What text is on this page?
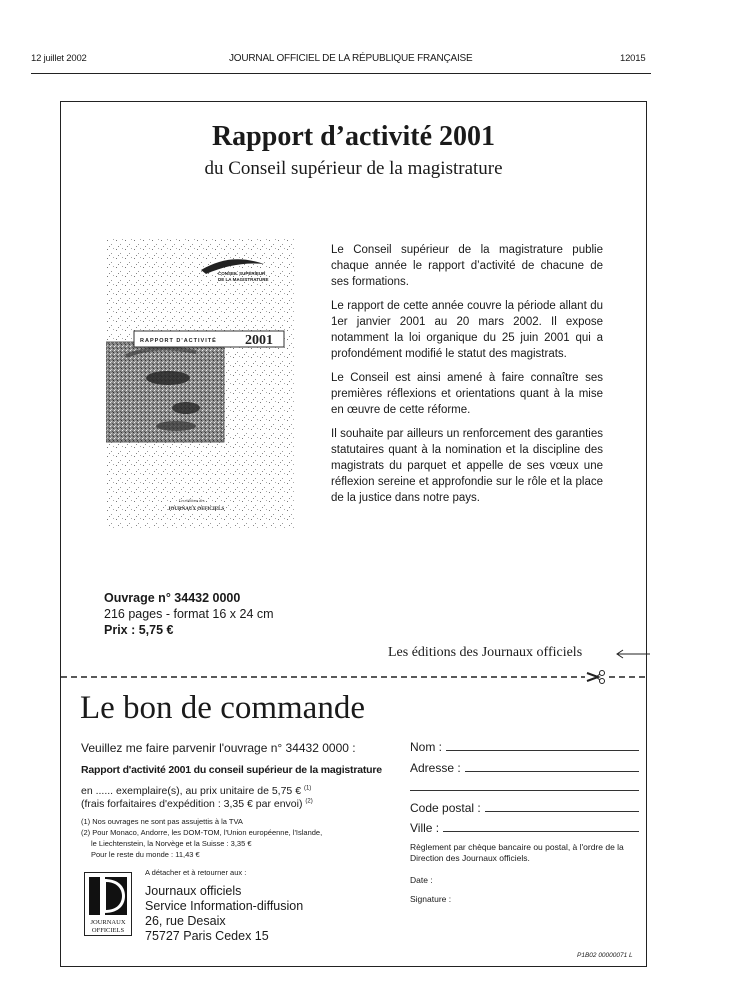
12 juillet 2002	JOURNAL OFFICIEL DE LA RÉPUBLIQUE FRANÇAISE	12015
Rapport d’activité 2001
du Conseil supérieur de la magistrature
CONSEIL SUPÉRIEUR
DE LA MAGISTRATURE
RAPPORT D'ACTIVITÉ 2001
Les éditions des
JOURNAUX OFFICIELS

Le Conseil supérieur de la magistrature publie chaque année le rapport d’activité de chacune de ses formations.

Le rapport de cette année couvre la période allant du 1er janvier 2001 au 20 mars 2002. Il expose notamment la loi organique du 25 juin 2001 qui a profondément modifié le statut des magistrats.

Le Conseil est ainsi amené à faire connaître ses premières réflexions et orientations quant à la mise en œuvre de cette réforme.

Il souhaite par ailleurs un renforcement des garanties statutaires quant à la nomination et la discipline des magistrats du parquet et appelle de ses vœux une réflexion sereine et approfondie sur le rôle et la place de la justice dans notre pays.

Ouvrage n° 34432 0000
216 pages - format 16 x 24 cm
Prix : 5,75 €
Les éditions des Journaux officiels
Le bon de commande
Veuillez me faire parvenir l'ouvrage n° 34432 0000 :
Rapport d'activité 2001 du conseil supérieur de la magistrature
en ...... exemplaire(s), au prix unitaire de 5,75 € $^{(1)}$
(frais forfaitaires d'expédition : 3,35 € par envoi) $^{(2)}$
(1) Nos ouvrages ne sont pas assujettis à la TVA
(2) Pour Monaco, Andorre, les DOM-TOM, l'Union européenne, l'Islande,
le Liechtenstein, la Norvège et la Suisse : 3,35 €
Pour le reste du monde : 11,43 €
JOURNAUX
OFFICIELS
A détacher et à retourner aux :
Journaux officiels
Service Information-diffusion
26, rue Desaix
75727 Paris Cedex 15
Nom :
Adresse :
Code postal :
Ville :
Règlement par chèque bancaire ou postal, à l'ordre de la Direction des Journaux officiels.
Date :
Signature :
P1B02 00000071 L
